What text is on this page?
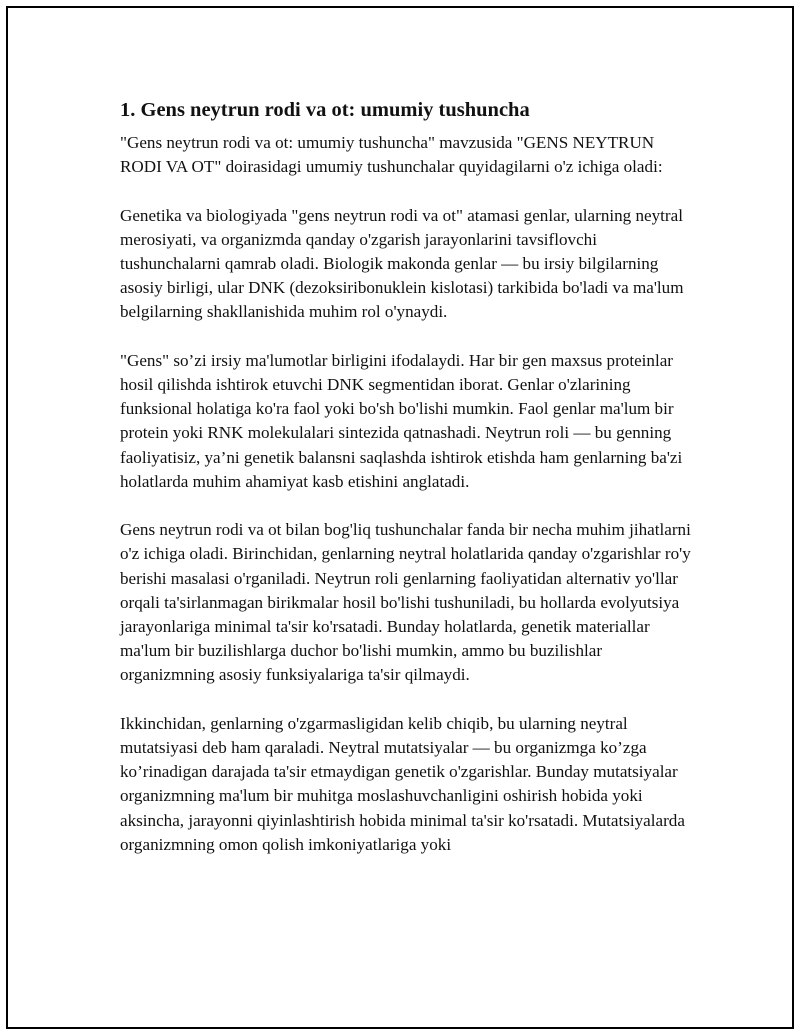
1. Gens neytrun rodi va ot: umumiy tushuncha

"Gens neytrun rodi va ot: umumiy tushuncha" mavzusida "GENS NEYTRUN RODI VA OT" doirasidagi umumiy tushunchalar quyidagilarni o'z ichiga oladi:

Genetika va biologiyada "gens neytrun rodi va ot" atamasi genlar, ularning neytral merosiyati, va organizmda qanday o'zgarish jarayonlarini tavsiflovchi tushunchalarni qamrab oladi. Biologik makonda genlar — bu irsiy bilgilarning asosiy birligi, ular DNK (dezoksiribonuklein kislotasi) tarkibida bo'ladi va ma'lum belgilarning shakllanishida muhim rol o'ynaydi.

"Gens" so’zi irsiy ma'lumotlar birligini ifodalaydi. Har bir gen maxsus proteinlar hosil qilishda ishtirok etuvchi DNK segmentidan iborat. Genlar o'zlarining funksional holatiga ko'ra faol yoki bo'sh bo'lishi mumkin. Faol genlar ma'lum bir protein yoki RNK molekulalari sintezida qatnashadi. Neytrun roli — bu genning faoliyatisiz, ya’ni genetik balansni saqlashda ishtirok etishda ham genlarning ba'zi holatlarda muhim ahamiyat kasb etishini anglatadi.

Gens neytrun rodi va ot bilan bog'liq tushunchalar fanda bir necha muhim jihatlarni o'z ichiga oladi. Birinchidan, genlarning neytral holatlarida qanday o'zgarishlar ro'y berishi masalasi o'rganiladi. Neytrun roli genlarning faoliyatidan alternativ yo'llar orqali ta'sirlanmagan birikmalar hosil bo'lishi tushuniladi, bu hollarda evolyutsiya jarayonlariga minimal ta'sir ko'rsatadi. Bunday holatlarda, genetik materiallar ma'lum bir buzilishlarga duchor bo'lishi mumkin, ammo bu buzilishlar organizmning asosiy funksiyalariga ta'sir qilmaydi.

Ikkinchidan, genlarning o'zgarmasligidan kelib chiqib, bu ularning neytral mutatsiyasi deb ham qaraladi. Neytral mutatsiyalar — bu organizmga ko’zga ko’rinadigan darajada ta'sir etmaydigan genetik o'zgarishlar. Bunday mutatsiyalar organizmning ma'lum bir muhitga moslashuvchanligini oshirish hobida yoki aksincha, jarayonni qiyinlashtirish hobida minimal ta'sir ko'rsatadi. Mutatsiyalarda organizmning omon qolish imkoniyatlariga yoki
